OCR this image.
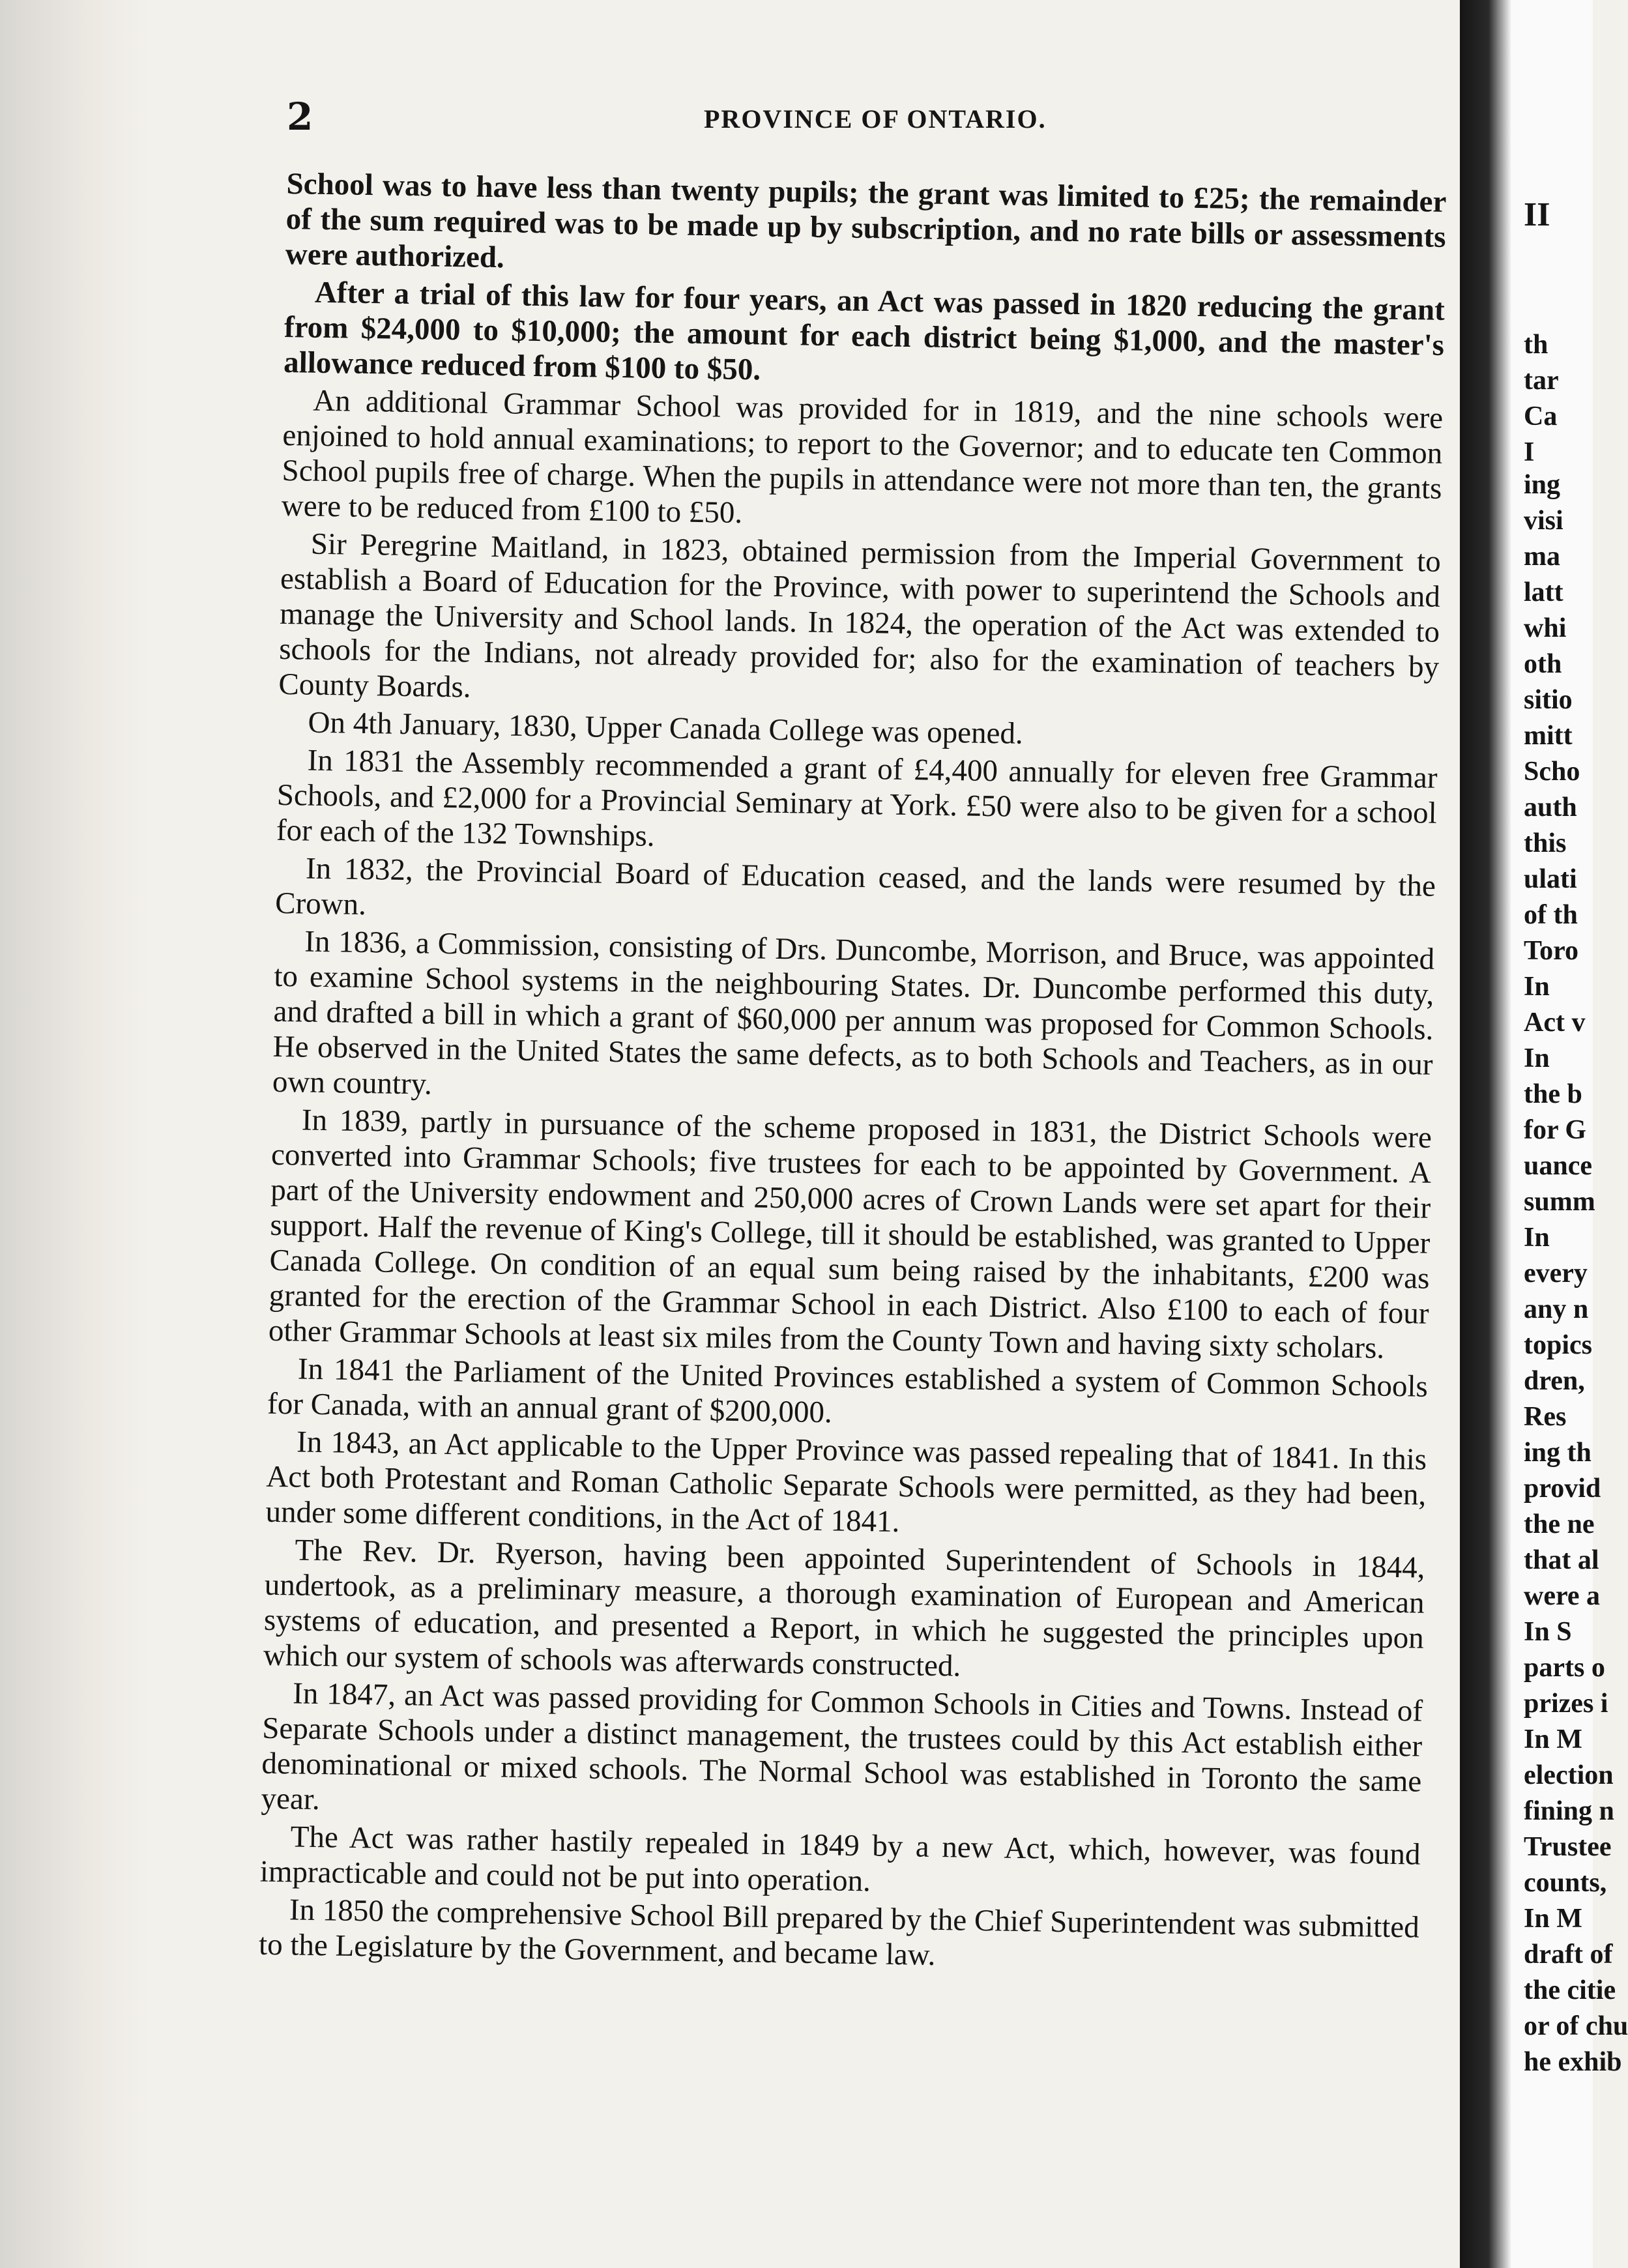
2	PROVINCE OF ONTARIO.

School was to have less than twenty pupils; the grant was limited to £25; the remainder of the sum required was to be made up by subscription, and no rate bills or assessments were authorized.

After a trial of this law for four years, an Act was passed in 1820 reducing the grant from $24,000 to $10,000; the amount for each district being $1,000, and the master's allowance reduced from $100 to $50.

An additional Grammar School was provided for in 1819, and the nine schools were enjoined to hold annual examinations; to report to the Governor; and to educate ten Common School pupils free of charge. When the pupils in attendance were not more than ten, the grants were to be reduced from £100 to £50.

Sir Peregrine Maitland, in 1823, obtained permission from the Imperial Government to establish a Board of Education for the Province, with power to superintend the Schools and manage the University and School lands. In 1824, the operation of the Act was extended to schools for the Indians, not already provided for; also for the examination of teachers by County Boards.

On 4th January, 1830, Upper Canada College was opened.

In 1831 the Assembly recommended a grant of £4,400 annually for eleven free Grammar Schools, and £2,000 for a Provincial Seminary at York. £50 were also to be given for a school for each of the 132 Townships.

In 1832, the Provincial Board of Education ceased, and the lands were resumed by the Crown.

In 1836, a Commission, consisting of Drs. Duncombe, Morrison, and Bruce, was appointed to examine School systems in the neighbouring States. Dr. Duncombe performed this duty, and drafted a bill in which a grant of $60,000 per annum was proposed for Common Schools. He observed in the United States the same defects, as to both Schools and Teachers, as in our own country.

In 1839, partly in pursuance of the scheme proposed in 1831, the District Schools were converted into Grammar Schools; five trustees for each to be appointed by Government. A part of the University endowment and 250,000 acres of Crown Lands were set apart for their support. Half the revenue of King's College, till it should be established, was granted to Upper Canada College. On condition of an equal sum being raised by the inhabitants, £200 was granted for the erection of the Grammar School in each District. Also £100 to each of four other Grammar Schools at least six miles from the County Town and having sixty scholars.

In 1841 the Parliament of the United Provinces established a system of Common Schools for Canada, with an annual grant of $200,000.

In 1843, an Act applicable to the Upper Province was passed repealing that of 1841. In this Act both Protestant and Roman Catholic Separate Schools were permitted, as they had been, under some different conditions, in the Act of 1841.

The Rev. Dr. Ryerson, having been appointed Superintendent of Schools in 1844, undertook, as a preliminary measure, a thorough examination of European and American systems of education, and presented a Report, in which he suggested the principles upon which our system of schools was afterwards constructed.

In 1847, an Act was passed providing for Common Schools in Cities and Towns. Instead of Separate Schools under a distinct management, the trustees could by this Act establish either denominational or mixed schools. The Normal School was established in Toronto the same year.

The Act was rather hastily repealed in 1849 by a new Act, which, however, was found impracticable and could not be put into operation.

In 1850 the comprehensive School Bill prepared by the Chief Superintendent was submitted to the Legislature by the Government, and became law.

II
th
tar
Ca
I
ing
visi
ma
latt
whi
oth
sitio
mitt
Scho
auth
this
ulati
of th
Toro
In
Act v
In
the b
for G
uance
summ
In
every
any n
topics
dren,
Res
ing th
provid
the ne
that al
were a
In S
parts o
prizes i
In M
election
fining n
Trustee
counts,
In M
draft of
the citie
or of chu
he exhib
